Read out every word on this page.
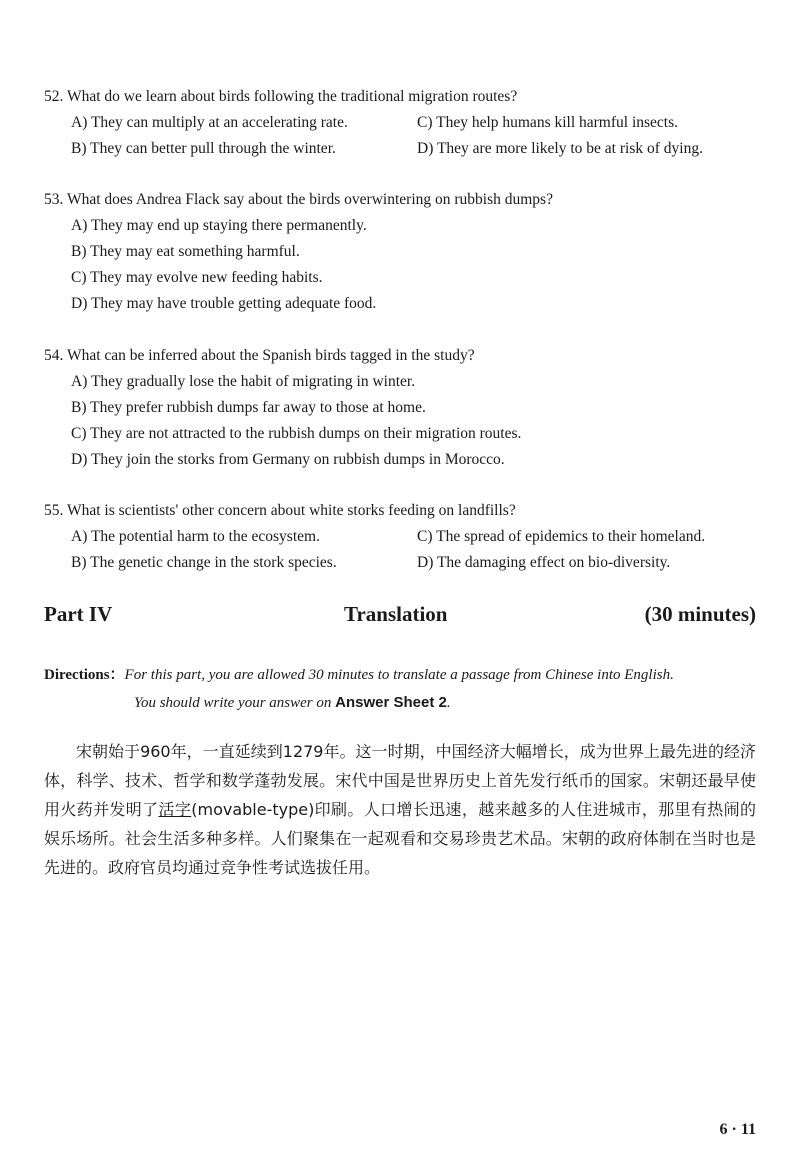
52. What do we learn about birds following the traditional migration routes?
A) They can multiply at an accelerating rate.	C) They help humans kill harmful insects.
B) They can better pull through the winter.	D) They are more likely to be at risk of dying.
53. What does Andrea Flack say about the birds overwintering on rubbish dumps?
A) They may end up staying there permanently.
B) They may eat something harmful.
C) They may evolve new feeding habits.
D) They may have trouble getting adequate food.
54. What can be inferred about the Spanish birds tagged in the study?
A) They gradually lose the habit of migrating in winter.
B) They prefer rubbish dumps far away to those at home.
C) They are not attracted to the rubbish dumps on their migration routes.
D) They join the storks from Germany on rubbish dumps in Morocco.
55. What is scientists' other concern about white storks feeding on landfills?
A) The potential harm to the ecosystem.	C) The spread of epidemics to their homeland.
B) The genetic change in the stork species.	D) The damaging effect on bio-diversity.
Part IV	Translation	(30 minutes)
Directions：For this part, you are allowed 30 minutes to translate a passage from Chinese into English.
You should write your answer on Answer Sheet 2.

宋朝始于960年，一直延续到1279年。这一时期，中国经济大幅增长，成为世界上最先进的经济体，科学、技术、哲学和数学蓬勃发展。宋代中国是世界历史上首先发行纸币的国家。宋朝还最早使用火药并发明了活字(movable-type)印刷。人口增长迅速，越来越多的人住进城市，那里有热闹的娱乐场所。社会生活多种多样。人们聚集在一起观看和交易珍贵艺术品。宋朝的政府体制在当时也是先进的。政府官员均通过竞争性考试选拔任用。

6 · 11
